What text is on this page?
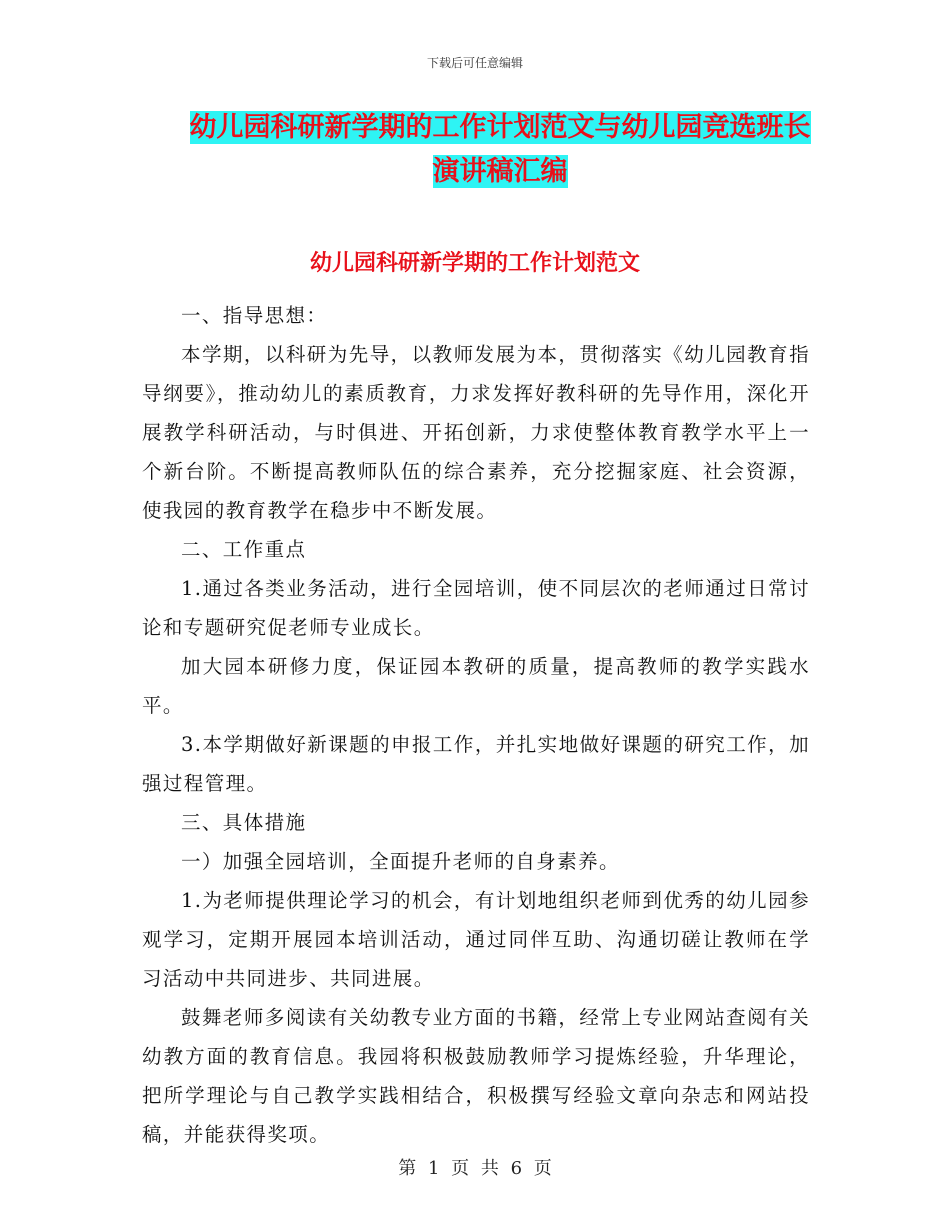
下载后可任意编辑
幼儿园科研新学期的工作计划范文与幼儿园竞选班长
演讲稿汇编
幼儿园科研新学期的工作计划范文

一、指导思想：

本学期，以科研为先导，以教师发展为本，贯彻落实《幼儿园教育指导纲要》，推动幼儿的素质教育，力求发挥好教科研的先导作用，深化开展教学科研活动，与时俱进、开拓创新，力求使整体教育教学水平上一个新台阶。不断提高教师队伍的综合素养，充分挖掘家庭、社会资源，使我园的教育教学在稳步中不断发展。

二、工作重点

1.通过各类业务活动，进行全园培训，使不同层次的老师通过日常讨论和专题研究促老师专业成长。

加大园本研修力度，保证园本教研的质量，提高教师的教学实践水平。

3.本学期做好新课题的申报工作，并扎实地做好课题的研究工作，加强过程管理。

三、具体措施

一）加强全园培训，全面提升老师的自身素养。

1.为老师提供理论学习的机会，有计划地组织老师到优秀的幼儿园参观学习，定期开展园本培训活动，通过同伴互助、沟通切磋让教师在学习活动中共同进步、共同进展。

鼓舞老师多阅读有关幼教专业方面的书籍，经常上专业网站查阅有关幼教方面的教育信息。我园将积极鼓励教师学习提炼经验，升华理论，把所学理论与自己教学实践相结合，积极撰写经验文章向杂志和网站投稿，并能获得奖项。

第 1 页 共 6 页
